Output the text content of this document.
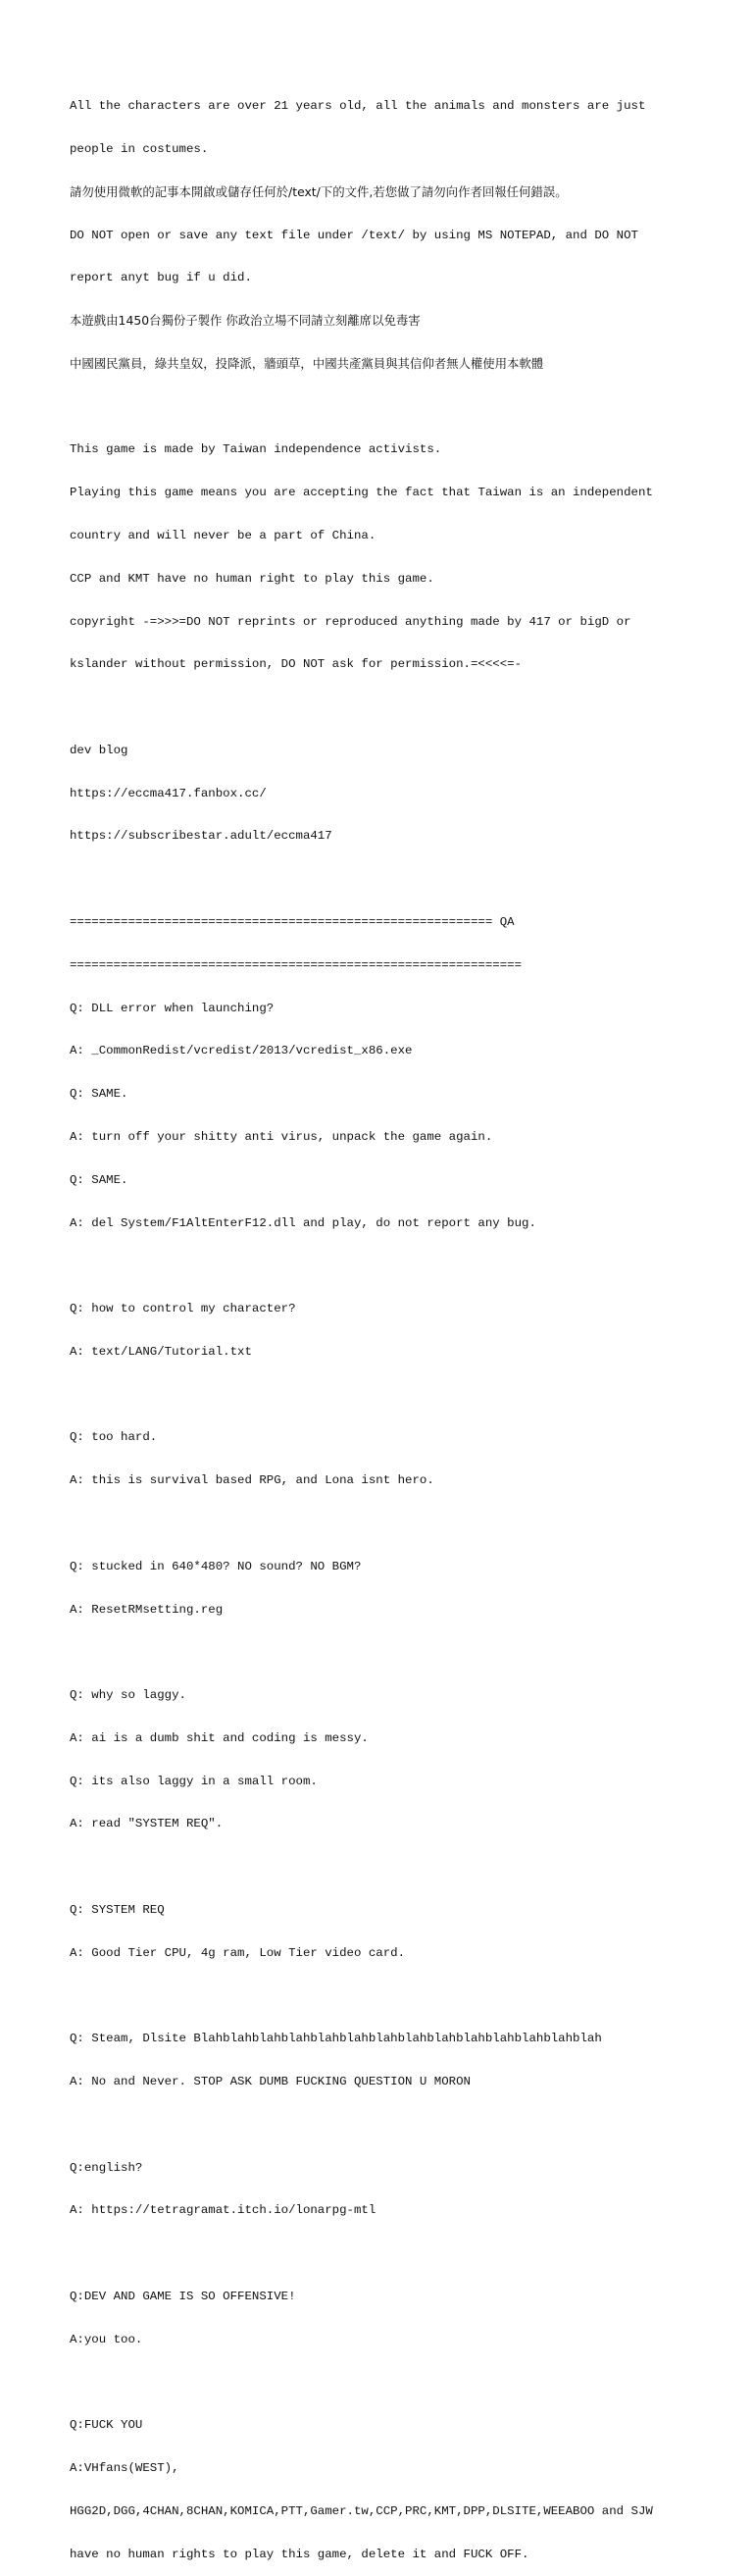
All the characters are over 21 years old, all the animals and monsters are just

people in costumes.

請勿使用微軟的記事本開啟或儲存任何於/text/下的文件,若您做了請勿向作者回報任何錯誤。

DO NOT open or save any text file under /text/ by using MS NOTEPAD, and DO NOT

report anyt bug if u did.

本遊戲由1450台獨份子製作 你政治立場不同請立刻離席以免毒害

中國國民黨員，綠共皇奴，投降派，牆頭草，中國共產黨員與其信仰者無人權使用本軟體

This game is made by Taiwan independence activists.

Playing this game means you are accepting the fact that Taiwan is an independent

country and will never be a part of China.

CCP and KMT have no human right to play this game.

copyright -=>>>=DO NOT reprints or reproduced anything made by 417 or bigD or

kslander without permission, DO NOT ask for permission.=<<<<=-

dev blog

https://eccma417.fanbox.cc/

https://subscribestar.adult/eccma417

========================================================== QA

==============================================================

Q: DLL error when launching?

A: _CommonRedist/vcredist/2013/vcredist_x86.exe

Q: SAME.

A: turn off your shitty anti virus, unpack the game again.

Q: SAME.

A: del System/F1AltEnterF12.dll and play, do not report any bug.

Q: how to control my character?

A: text/LANG/Tutorial.txt

Q: too hard.

A: this is survival based RPG, and Lona isnt hero.

Q: stucked in 640*480? NO sound? NO BGM?

A: ResetRMsetting.reg

Q: why so laggy.

A: ai is a dumb shit and coding is messy.

Q: its also laggy in a small room.

A: read "SYSTEM REQ".

Q: SYSTEM REQ

A: Good Tier CPU, 4g ram, Low Tier video card.

Q: Steam, Dlsite Blahblahblahblahblahblahblahblahblahblahblahblahblahblah

A: No and Never. STOP ASK DUMB FUCKING QUESTION U MORON

Q:english?

A: https://tetragramat.itch.io/lonarpg-mtl

Q:DEV AND GAME IS SO OFFENSIVE!

A:you too.

Q:FUCK YOU

A:VHfans(WEST),

HGG2D,DGG,4CHAN,8CHAN,KOMICA,PTT,Gamer.tw,CCP,PRC,KMT,DPP,DLSITE,WEEABOO and SJW

have no human rights to play this game, delete it and FUCK OFF.
